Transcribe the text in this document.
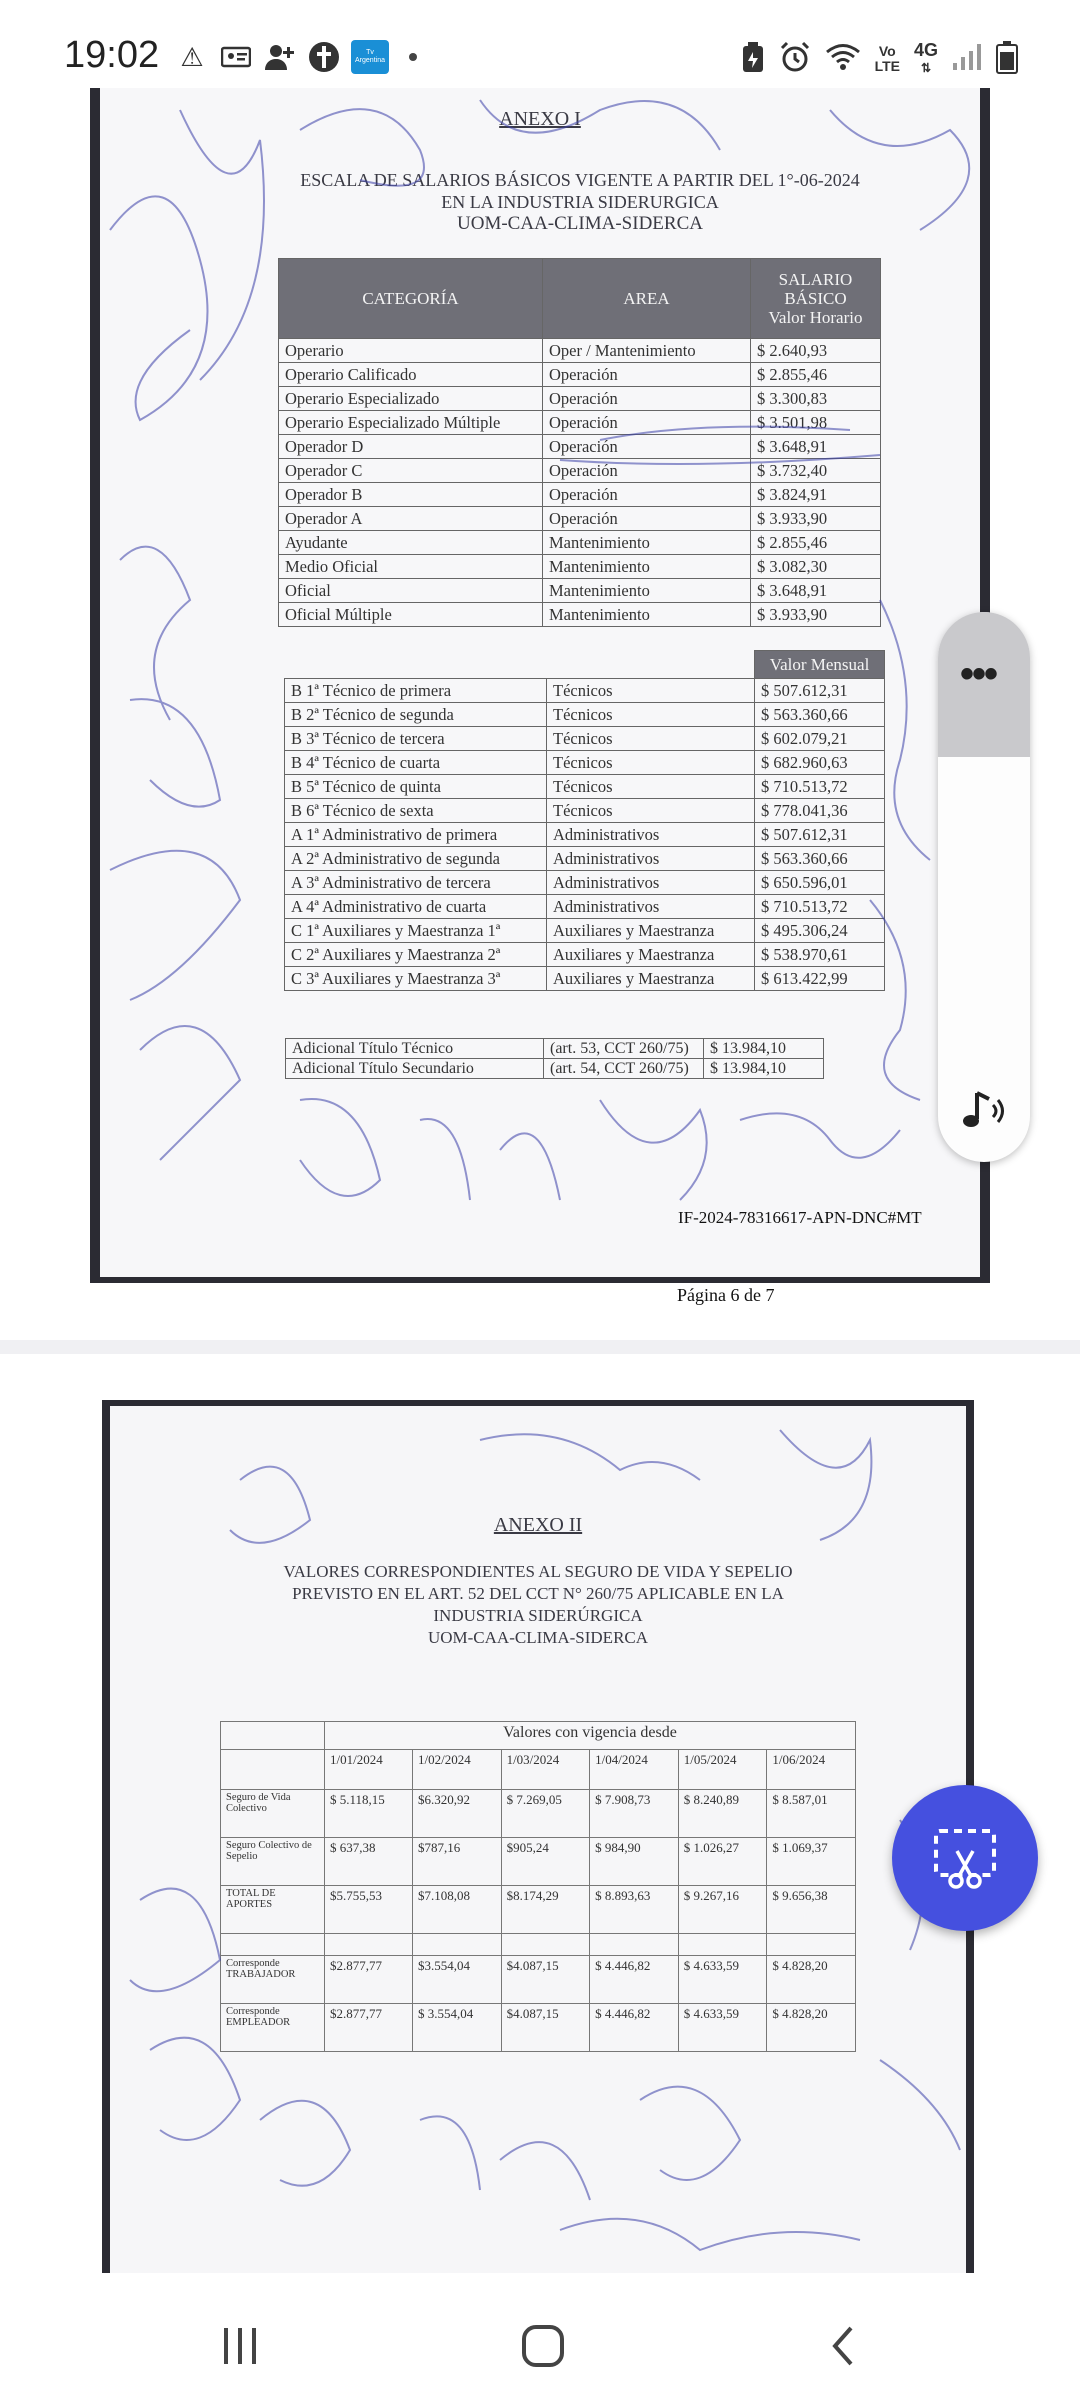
19:02 ⚠	Tv Argentina
Vo
LTE
4G
⇅
ANEXO I
ESCALA DE SALARIOS BÁSICOS VIGENTE A PARTIR DEL 1°-06-2024
EN LA INDUSTRIA SIDERURGICA
UOM-CAA-CLIMA-SIDERCA
CATEGORÍA	AREA	SALARIO
BÁSICO
Valor Horario
Operario	Oper / Mantenimiento	$ 2.640,93
Operario Calificado	Operación	$ 2.855,46
Operario Especializado	Operación	$ 3.300,83
Operario Especializado Múltiple	Operación	$ 3.501,98
Operador D	Operación	$ 3.648,91
Operador C	Operación	$ 3.732,40
Operador B	Operación	$ 3.824,91
Operador A	Operación	$ 3.933,90
Ayudante	Mantenimiento	$ 2.855,46
Medio Oficial	Mantenimiento	$ 3.082,30
Oficial	Mantenimiento	$ 3.648,91
Oficial Múltiple	Mantenimiento	$ 3.933,90
		Valor Mensual
B 1ª Técnico de primera	Técnicos	$ 507.612,31
B 2ª Técnico de segunda	Técnicos	$ 563.360,66
B 3ª Técnico de tercera	Técnicos	$ 602.079,21
B 4ª Técnico de cuarta	Técnicos	$ 682.960,63
B 5ª Técnico de quinta	Técnicos	$ 710.513,72
B 6ª Técnico de sexta	Técnicos	$ 778.041,36
A 1ª Administrativo de primera	Administrativos	$ 507.612,31
A 2ª Administrativo de segunda	Administrativos	$ 563.360,66
A 3ª Administrativo de tercera	Administrativos	$ 650.596,01
A 4ª Administrativo de cuarta	Administrativos	$ 710.513,72
C 1ª Auxiliares y Maestranza 1ª	Auxiliares y Maestranza	$ 495.306,24
C 2ª Auxiliares y Maestranza 2ª	Auxiliares y Maestranza	$ 538.970,61
C 3ª Auxiliares y Maestranza 3ª	Auxiliares y Maestranza	$ 613.422,99
Adicional Título Técnico	(art. 53, CCT 260/75)	$ 13.984,10
Adicional Título Secundario	(art. 54, CCT 260/75)	$ 13.984,10
IF-2024-78316617-APN-DNC#MT
Página 6 de 7
ANEXO II
VALORES CORRESPONDIENTES AL SEGURO DE VIDA Y SEPELIO
PREVISTO EN EL ART. 52 DEL CCT N° 260/75 APLICABLE EN LA
INDUSTRIA SIDERÚRGICA
UOM-CAA-CLIMA-SIDERCA
	Valores con vigencia desde					
	1/01/2024	1/02/2024	1/03/2024	1/04/2024	1/05/2024	1/06/2024
Seguro de Vida Colectivo	$ 5.118,15	$6.320,92	$ 7.269,05	$ 7.908,73	$ 8.240,89	$ 8.587,01
Seguro Colectivo de Sepelio	$ 637,38	$787,16	$905,24	$ 984,90	$ 1.026,27	$ 1.069,37
TOTAL DE APORTES	$5.755,53	$7.108,08	$8.174,29	$ 8.893,63	$ 9.267,16	$ 9.656,38

Corresponde TRABAJADOR	$2.877,77	$3.554,04	$4.087,15	$ 4.446,82	$ 4.633,59	$ 4.828,20
Corresponde EMPLEADOR	$2.877,77	$ 3.554,04	$4.087,15	$ 4.446,82	$ 4.633,59	$ 4.828,20
•••
